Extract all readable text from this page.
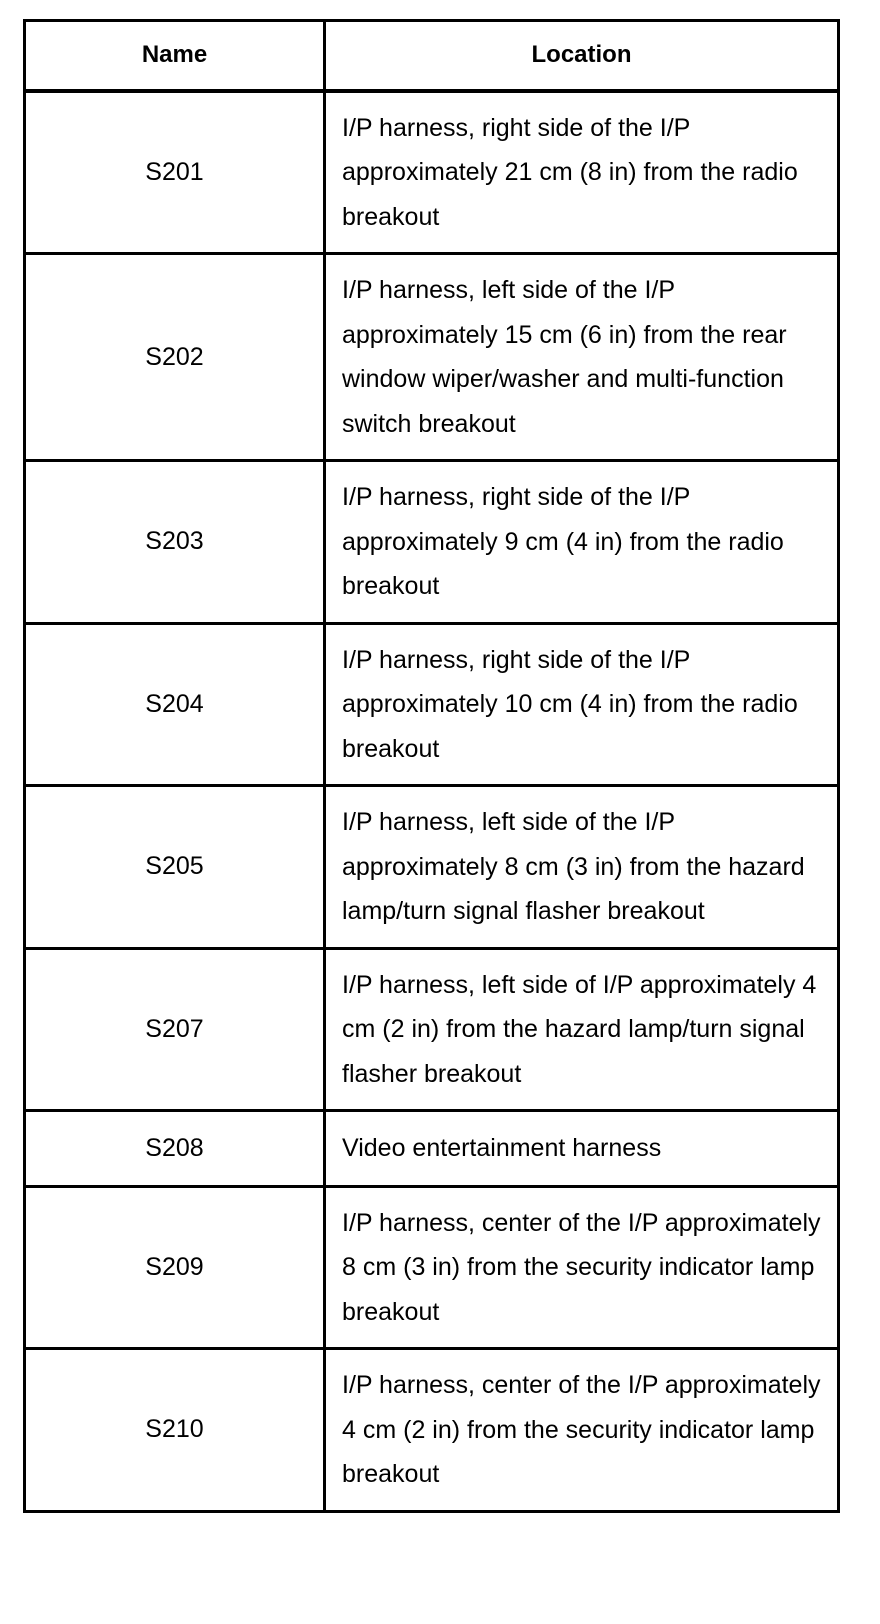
Name	Location
S201	I/P harness, right side of the I/P approximately 21 cm (8 in) from the radio breakout
S202	I/P harness, left side of the I/P approximately 15 cm (6 in) from the rear window wiper/washer and multi-function switch breakout
S203	I/P harness, right side of the I/P approximately 9 cm (4 in) from the radio breakout
S204	I/P harness, right side of the I/P approximately 10 cm (4 in) from the radio breakout
S205	I/P harness, left side of the I/P approximately 8 cm (3 in) from the hazard lamp/turn signal flasher breakout
S207	I/P harness, left side of I/P approximately 4 cm (2 in) from the hazard lamp/turn signal flasher breakout
S208	Video entertainment harness
S209	I/P harness, center of the I/P approximately 8 cm (3 in) from the security indicator lamp breakout
S210	I/P harness, center of the I/P approximately 4 cm (2 in) from the security indicator lamp breakout
